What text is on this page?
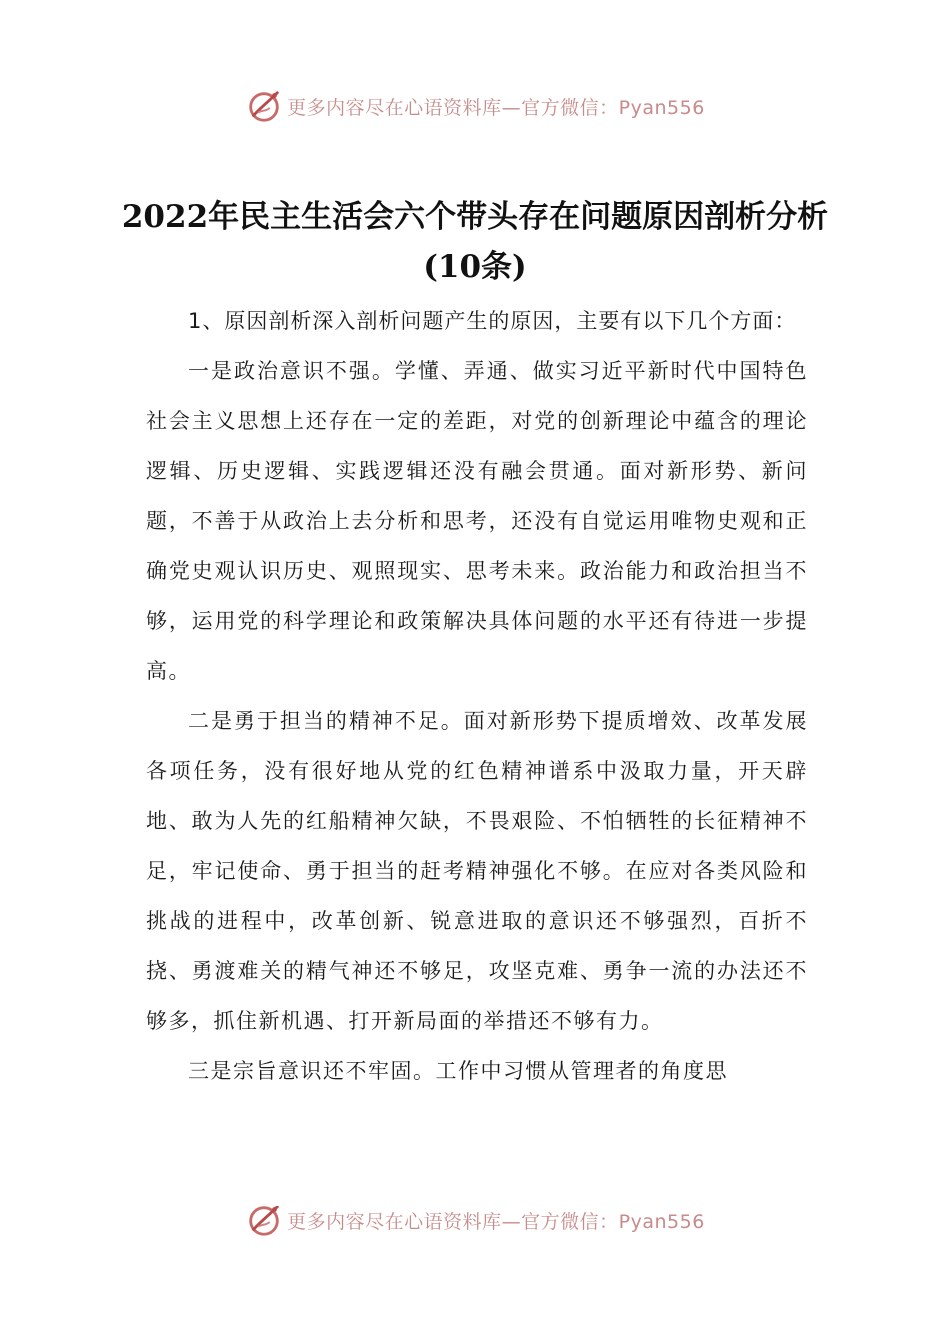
更多内容尽在心语资料库—官方微信：Pyan556
2022年民主生活会六个带头存在问题原因剖析分析(10条)

1、原因剖析深入剖析问题产生的原因，主要有以下几个方面：

一是政治意识不强。学懂、弄通、做实习近平新时代中国特色社会主义思想上还存在一定的差距，对党的创新理论中蕴含的理论逻辑、历史逻辑、实践逻辑还没有融会贯通。面对新形势、新问题，不善于从政治上去分析和思考，还没有自觉运用唯物史观和正确党史观认识历史、观照现实、思考未来。政治能力和政治担当不够，运用党的科学理论和政策解决具体问题的水平还有待进一步提高。

二是勇于担当的精神不足。面对新形势下提质增效、改革发展各项任务，没有很好地从党的红色精神谱系中汲取力量，开天辟地、敢为人先的红船精神欠缺，不畏艰险、不怕牺牲的长征精神不足，牢记使命、勇于担当的赶考精神强化不够。在应对各类风险和挑战的进程中，改革创新、锐意进取的意识还不够强烈，百折不挠、勇渡难关的精气神还不够足，攻坚克难、勇争一流的办法还不够多，抓住新机遇、打开新局面的举措还不够有力。

三是宗旨意识还不牢固。工作中习惯从管理者的角度思

更多内容尽在心语资料库—官方微信：Pyan556
